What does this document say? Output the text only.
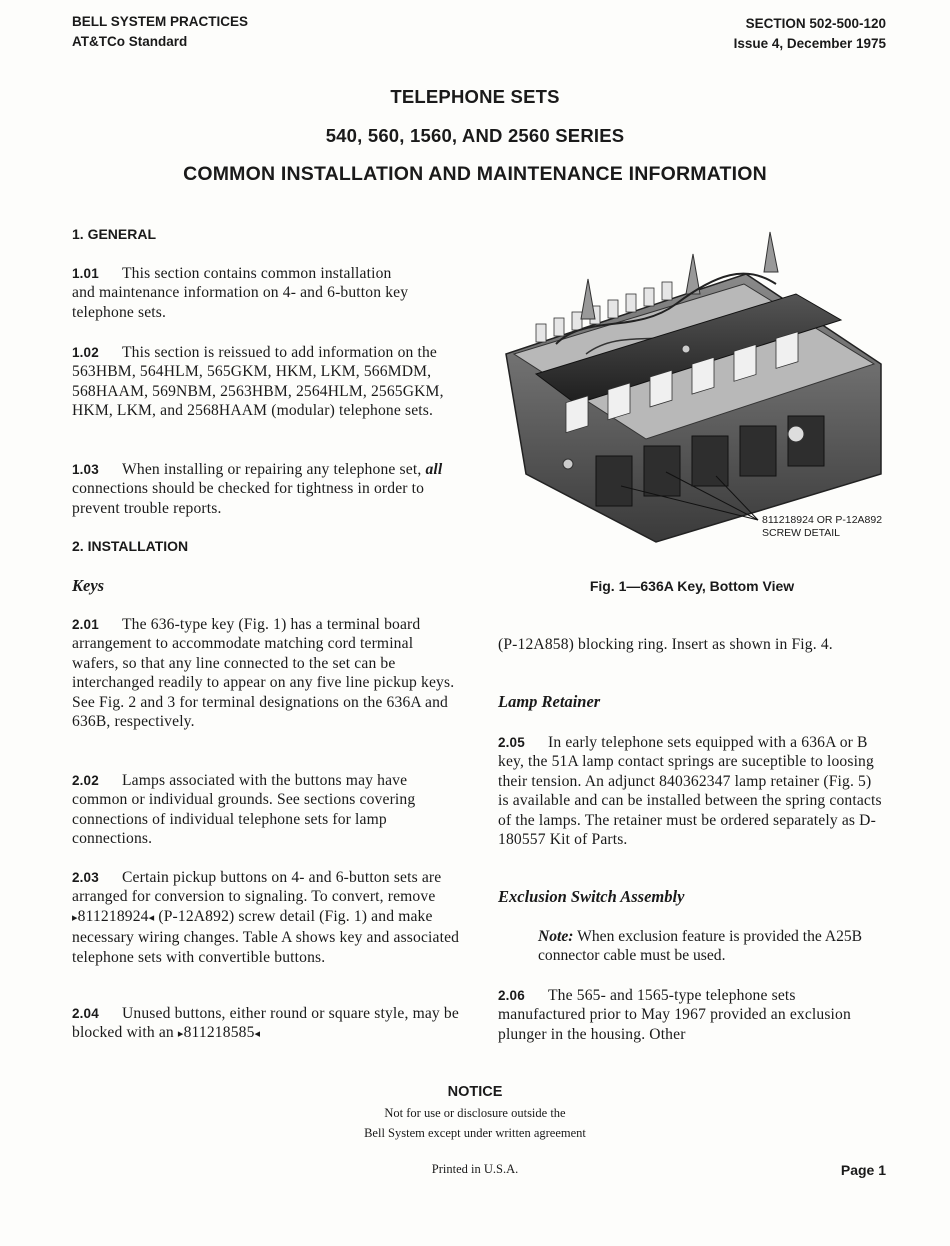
BELL SYSTEM PRACTICES
AT&TCo Standard
SECTION 502-500-120
Issue 4, December 1975
TELEPHONE SETS
540, 560, 1560, AND 2560 SERIES
COMMON INSTALLATION AND MAINTENANCE INFORMATION
1. GENERAL
1.01 This section contains common installation and maintenance information on 4- and 6-button key telephone sets.
1.02 This section is reissued to add information on the 563HBM, 564HLM, 565GKM, HKM, LKM, 566MDM, 568HAAM, 569NBM, 2563HBM, 2564HLM, 2565GKM, HKM, LKM, and 2568HAAM (modular) telephone sets.
1.03 When installing or repairing any telephone set, all connections should be checked for tightness in order to prevent trouble reports.
2. INSTALLATION
Keys
2.01 The 636-type key (Fig. 1) has a terminal board arrangement to accommodate matching cord terminal wafers, so that any line connected to the set can be interchanged readily to appear on any five line pickup keys. See Fig. 2 and 3 for terminal designations on the 636A and 636B, respectively.
2.02 Lamps associated with the buttons may have common or individual grounds. See sections covering connections of individual telephone sets for lamp connections.
2.03 Certain pickup buttons on 4- and 6-button sets are arranged for conversion to signaling. To convert, remove ▸811218924◂ (P-12A892) screw detail (Fig. 1) and make necessary wiring changes. Table A shows key and associated telephone sets with convertible buttons.
2.04 Unused buttons, either round or square style, may be blocked with an ▸811218585◂
811218924 OR P-12A892
SCREW DETAIL
Fig. 1—636A Key, Bottom View
(P-12A858) blocking ring. Insert as shown in Fig. 4.
Lamp Retainer
2.05 In early telephone sets equipped with a 636A or B key, the 51A lamp contact springs are suceptible to loosing their tension. An adjunct 840362347 lamp retainer (Fig. 5) is available and can be installed between the spring contacts of the lamps. The retainer must be ordered separately as D-180557 Kit of Parts.
Exclusion Switch Assembly
Note: When exclusion feature is provided the A25B connector cable must be used.
2.06 The 565- and 1565-type telephone sets manufactured prior to May 1967 provided an exclusion plunger in the housing. Other
NOTICE
Not for use or disclosure outside the
Bell System except under written agreement
Printed in U.S.A.	Page 1
